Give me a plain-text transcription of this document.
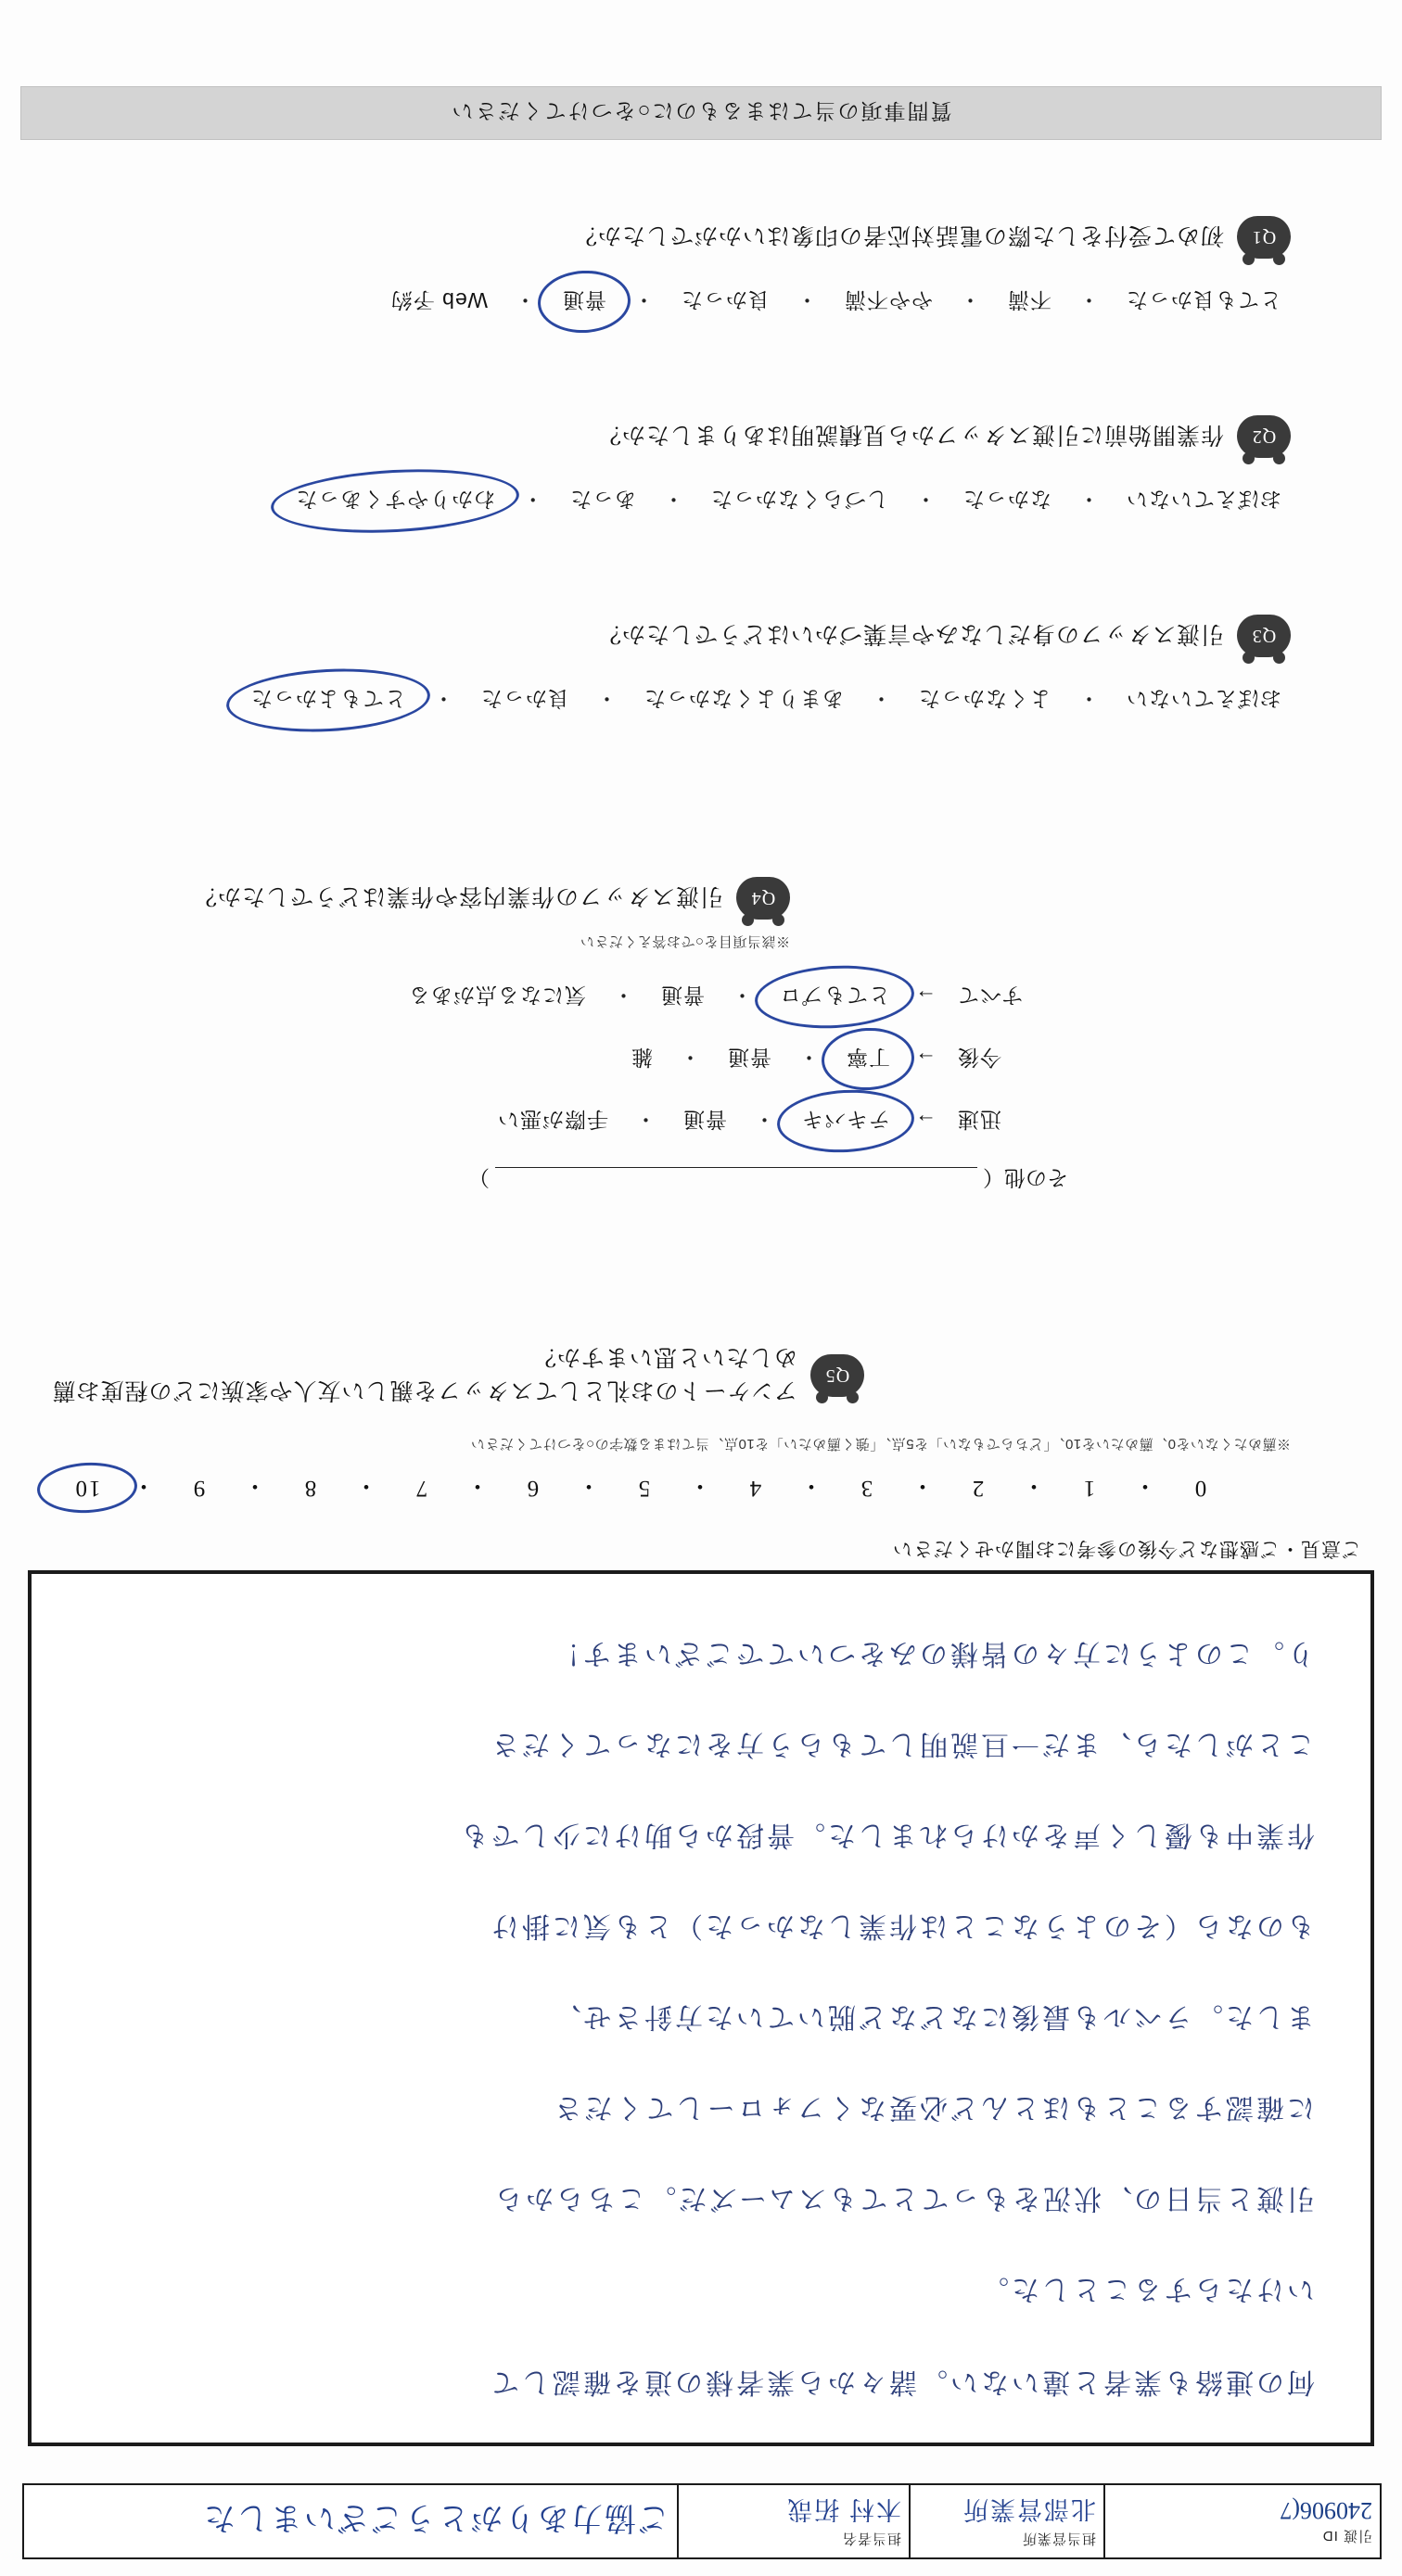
引渡 ID
240906(7
担当営業所
北部営業所
担当者名
木村 拓哉
ご協力ありがとうございました
何の連絡も業者と違いない。諸々から業者様の道を確認して
いけたらすることした。
引渡と当日の、状況をもってとてもスムーズだ。こちらから
に確認することもほとんど必要なくフォローしてくださ
ました。ラベルも最後になどなど脱いていた方針させ、
ものなら（そのようなことは作業しなかった）とも気に掛け
作業中も優しく声をかけられました。普段から助けに少しでも
ことがしたら、まだ一旦説明してもらう方をになってくださ
り。このように方々の皆様のみをついてでございます！
ご意見・ご感想など今後の参考にお聞かせください
0
・
1
・
2
・
3
・
4
・
5
・
6
・
7
・
8
・
9
・
10
※薦めたくないを0、薦めたいを10、「どちらでもない」を5点、「強く薦めたい」を10点、当てはまる数字の○をつけてください
Q5
アンケートのお礼としてスタッフを親しい友人や家族にどの程度お薦めしたいと思いますか？
その他
（
）
迅速
→
テキパキ
・
普通
・
手際が悪い
今後
→
丁寧
・
普通
・
雑
すべて
→
とてもプロ
・
普通
・
気になる点がある
※該当項目を○でお答えください
Q4
引渡スタッフの作業内容や作業はどうでしたか？
おぼえていない
・
よくなかった
・
あまりよくなかった
・
良かった
・
とてもよかった
Q3
引渡スタッフの身だしなみや言葉づかいはどうでしたか？
おぼえていない
・
なかった
・
しづらくなかった
・
あった
・
わかりやすくあった
Q2
作業開始前に引渡スタッフから見積説明はありましたか？
とても良かった
・
不満
・
やや不満
・
良かった
・
普通
・
Web 予約
Q1
初めて受付をした際の電話対応者の印象はいかがでしたか？
質問事項の当てはまるものに○をつけてください
